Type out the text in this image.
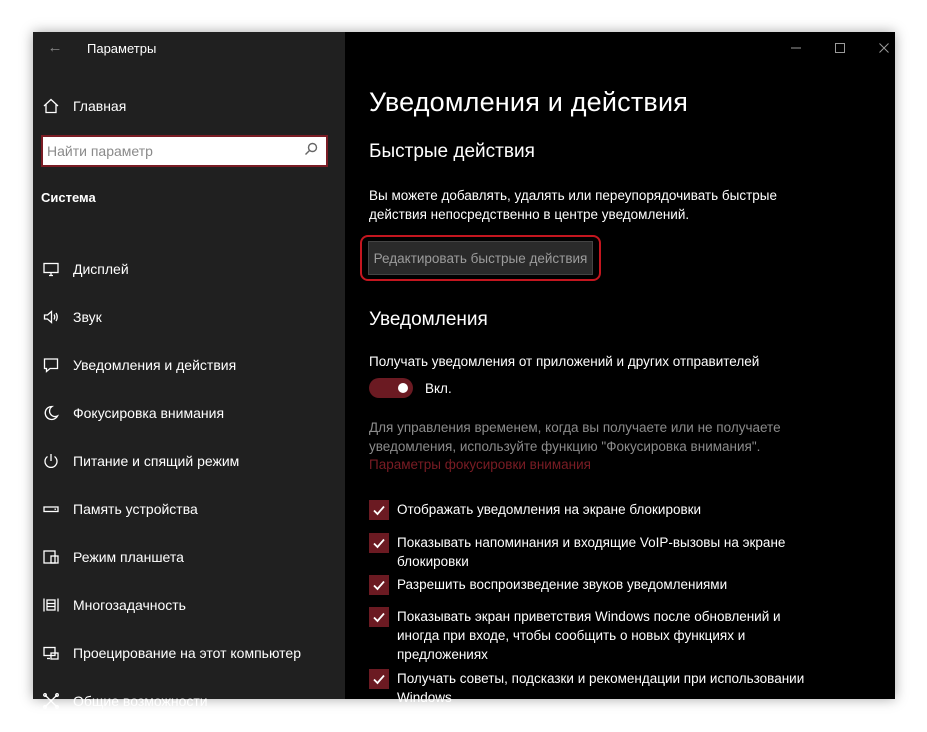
←	Параметры
Главная
Найти параметр
Система
Дисплей
Звук
Уведомления и действия
Фокусировка внимания
Питание и спящий режим
Память устройства
Режим планшета
Многозадачность
Проецирование на этот компьютер
Общие возможности
Уведомления и действия
Быстрые действия
Вы можете добавлять, удалять или переупорядочивать быстрые действия непосредственно в центре уведомлений.
Редактировать быстрые действия
Уведомления
Получать уведомления от приложений и других отправителей
Вкл.
Для управления временем, когда вы получаете или не получаете уведомления, используйте функцию "Фокусировка внимания".
Параметры фокусировки внимания
Отображать уведомления на экране блокировки
Показывать напоминания и входящие VoIP-вызовы на экране блокировки
Разрешить воспроизведение звуков уведомлениями
Показывать экран приветствия Windows после обновлений и иногда при входе, чтобы сообщить о новых функциях и предложениях
Получать советы, подсказки и рекомендации при использовании Windows
